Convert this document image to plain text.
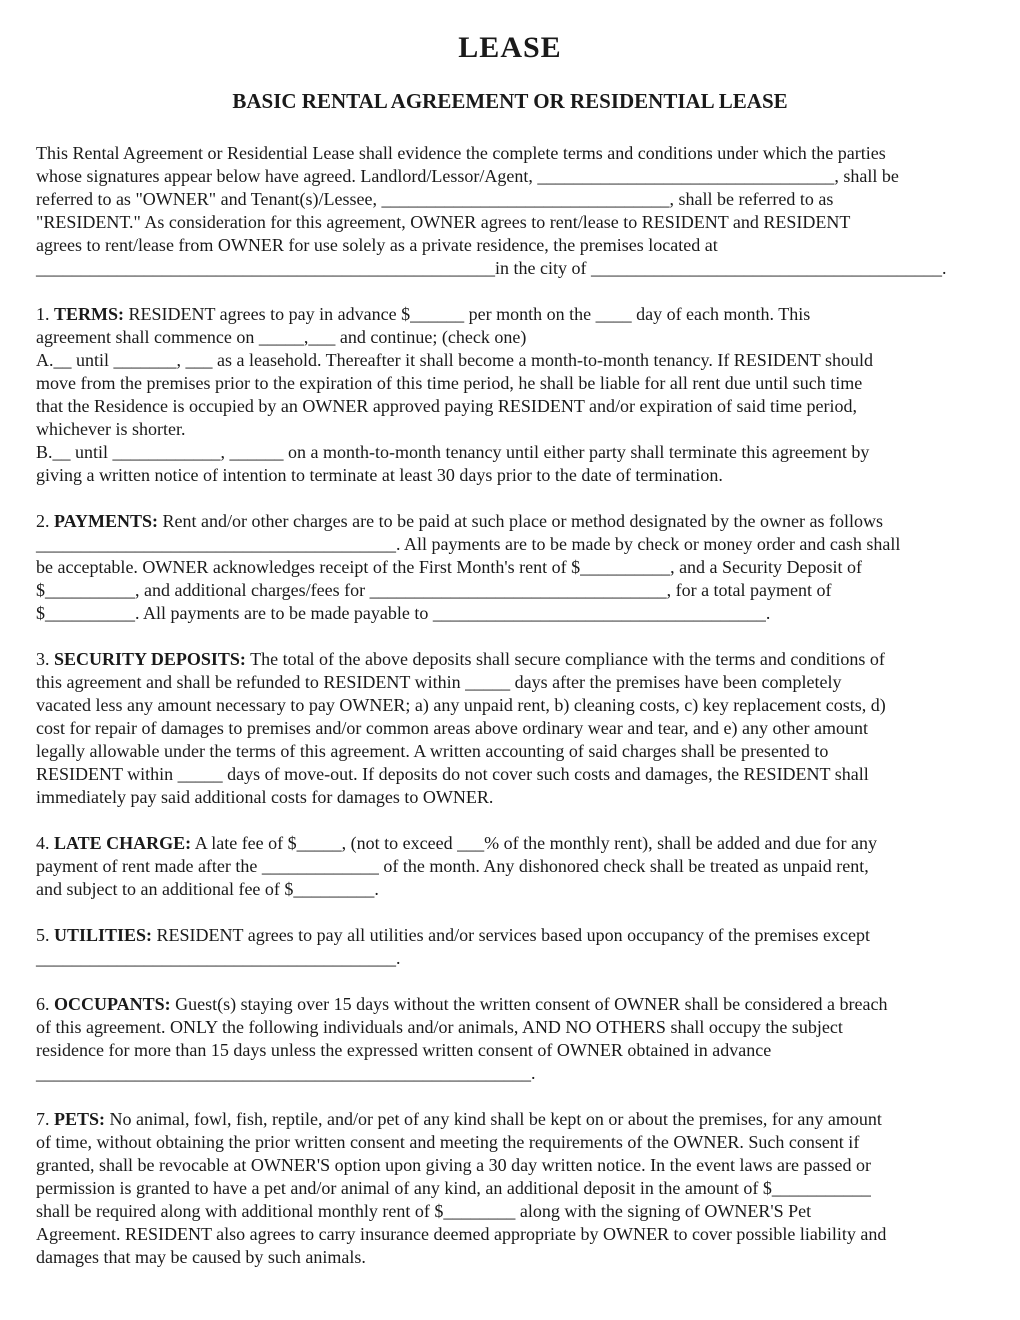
LEASE
BASIC RENTAL AGREEMENT OR RESIDENTIAL LEASE
This Rental Agreement or Residential Lease shall evidence the complete terms and conditions under which the parties
whose signatures appear below have agreed. Landlord/Lessor/Agent, _________________________________, shall be
referred to as "OWNER" and Tenant(s)/Lessee, ________________________________, shall be referred to as
"RESIDENT." As consideration for this agreement, OWNER agrees to rent/lease to RESIDENT and RESIDENT
agrees to rent/lease from OWNER for use solely as a private residence, the premises located at
___________________________________________________in the city of _______________________________________.
1. TERMS: RESIDENT agrees to pay in advance $______ per month on the ____ day of each month. This
agreement shall commence on _____,___ and continue; (check one)
A.__ until _______, ___ as a leasehold. Thereafter it shall become a month-to-month tenancy. If RESIDENT should
move from the premises prior to the expiration of this time period, he shall be liable for all rent due until such time
that the Residence is occupied by an OWNER approved paying RESIDENT and/or expiration of said time period,
whichever is shorter.
B.__ until ____________, ______ on a month-to-month tenancy until either party shall terminate this agreement by
giving a written notice of intention to terminate at least 30 days prior to the date of termination.
2. PAYMENTS: Rent and/or other charges are to be paid at such place or method designated by the owner as follows
________________________________________. All payments are to be made by check or money order and cash shall
be acceptable. OWNER acknowledges receipt of the First Month's rent of $__________, and a Security Deposit of
$__________, and additional charges/fees for _________________________________, for a total payment of
$__________. All payments are to be made payable to _____________________________________.
3. SECURITY DEPOSITS: The total of the above deposits shall secure compliance with the terms and conditions of
this agreement and shall be refunded to RESIDENT within _____ days after the premises have been completely
vacated less any amount necessary to pay OWNER; a) any unpaid rent, b) cleaning costs, c) key replacement costs, d)
cost for repair of damages to premises and/or common areas above ordinary wear and tear, and e) any other amount
legally allowable under the terms of this agreement. A written accounting of said charges shall be presented to
RESIDENT within _____ days of move-out. If deposits do not cover such costs and damages, the RESIDENT shall
immediately pay said additional costs for damages to OWNER.
4. LATE CHARGE: A late fee of $_____, (not to exceed ___% of the monthly rent), shall be added and due for any
payment of rent made after the _____________ of the month. Any dishonored check shall be treated as unpaid rent,
and subject to an additional fee of $_________.
5. UTILITIES: RESIDENT agrees to pay all utilities and/or services based upon occupancy of the premises except
________________________________________.
6. OCCUPANTS: Guest(s) staying over 15 days without the written consent of OWNER shall be considered a breach
of this agreement. ONLY the following individuals and/or animals, AND NO OTHERS shall occupy the subject
residence for more than 15 days unless the expressed written consent of OWNER obtained in advance
_______________________________________________________.
7. PETS: No animal, fowl, fish, reptile, and/or pet of any kind shall be kept on or about the premises, for any amount
of time, without obtaining the prior written consent and meeting the requirements of the OWNER. Such consent if
granted, shall be revocable at OWNER'S option upon giving a 30 day written notice. In the event laws are passed or
permission is granted to have a pet and/or animal of any kind, an additional deposit in the amount of $___________
shall be required along with additional monthly rent of $________ along with the signing of OWNER'S Pet
Agreement. RESIDENT also agrees to carry insurance deemed appropriate by OWNER to cover possible liability and
damages that may be caused by such animals.
